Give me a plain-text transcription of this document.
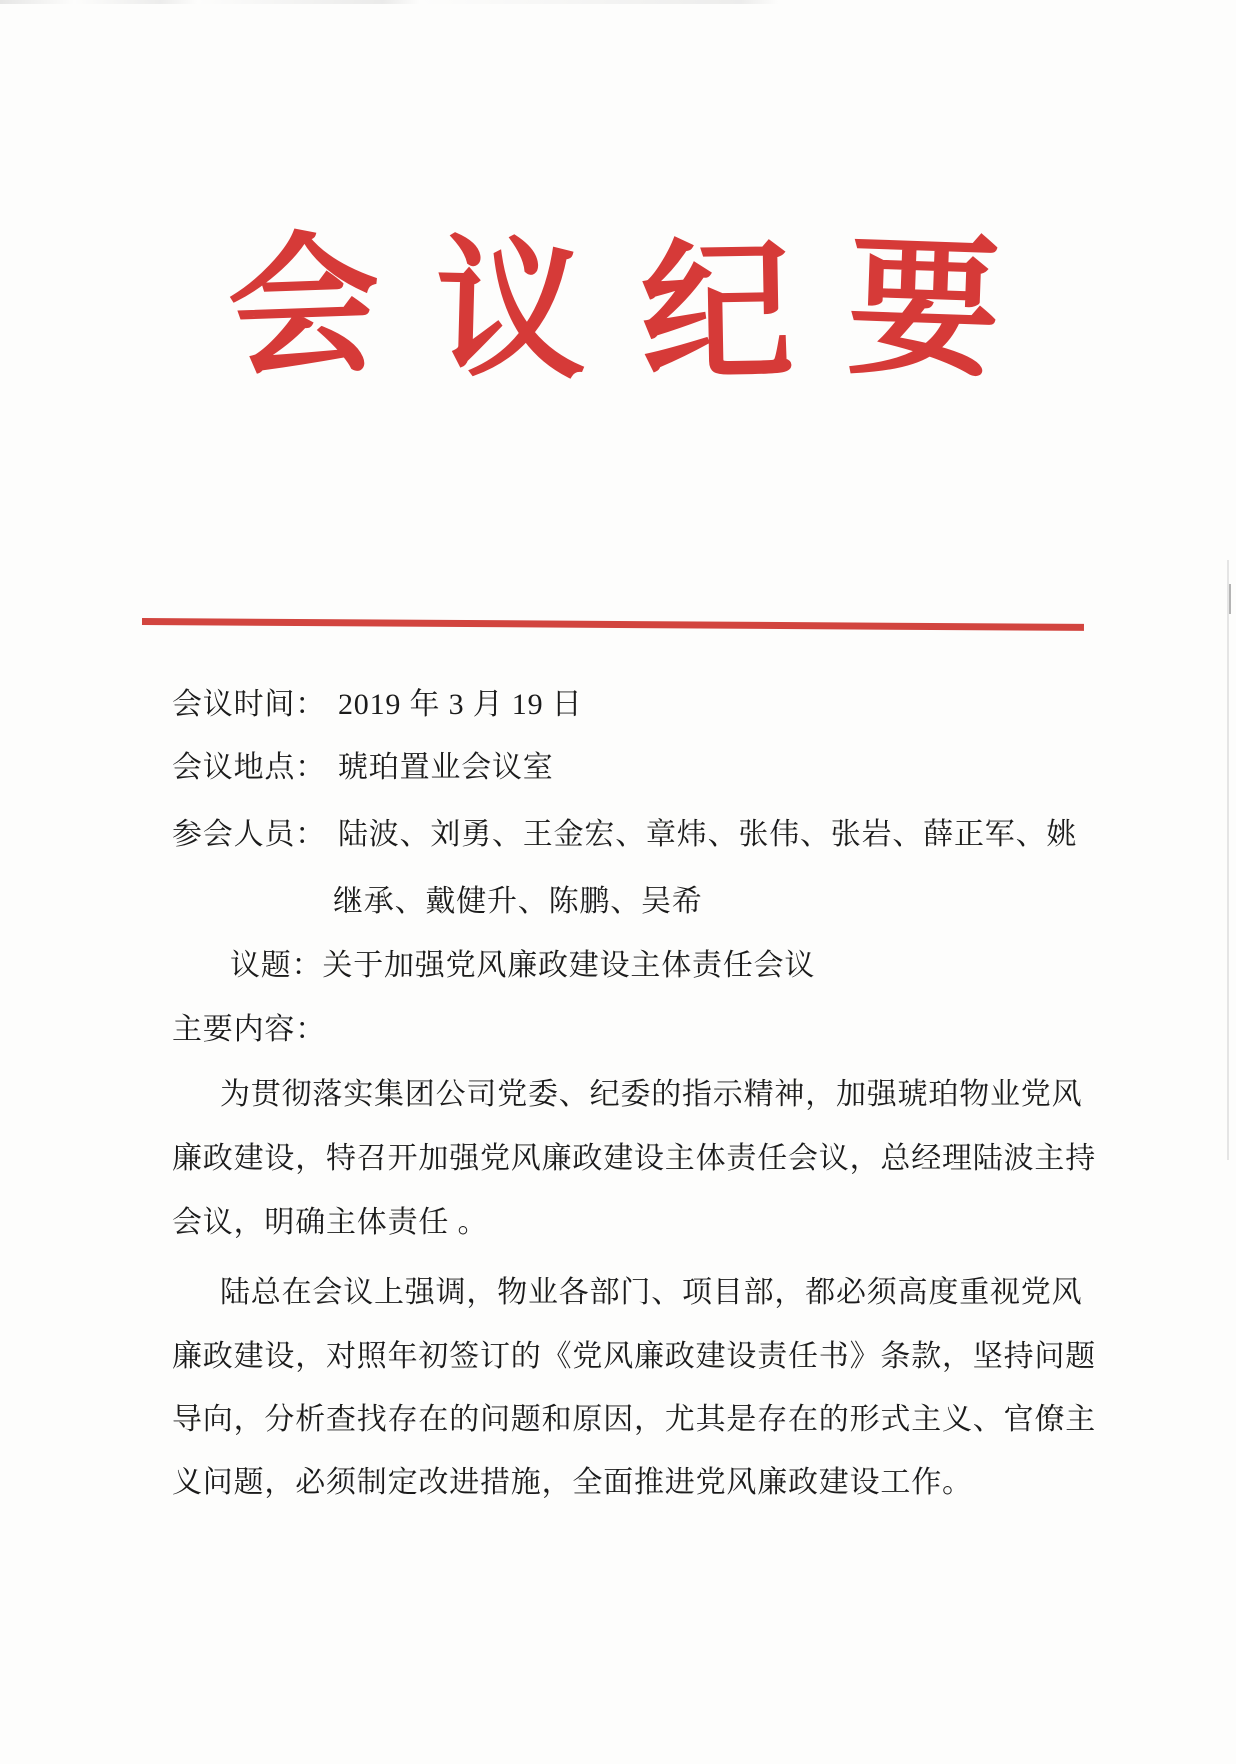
会 议 纪 要
会议时间： 2019 年 3 月 19 日
会议地点： 琥珀置业会议室
参会人员： 陆波、刘勇、王金宏、章炜、张伟、张岩、薛正军、姚
继承、戴健升、陈鹏、吴希
议题：关于加强党风廉政建设主体责任会议
主要内容：
为贯彻落实集团公司党委、纪委的指示精神，加强琥珀物业党风
廉政建设，特召开加强党风廉政建设主体责任会议，总经理陆波主持
会议，明确主体责任 。
陆总在会议上强调，物业各部门、项目部，都必须高度重视党风
廉政建设，对照年初签订的《党风廉政建设责任书》条款，坚持问题
导向，分析查找存在的问题和原因，尤其是存在的形式主义、官僚主
义问题，必须制定改进措施，全面推进党风廉政建设工作。
